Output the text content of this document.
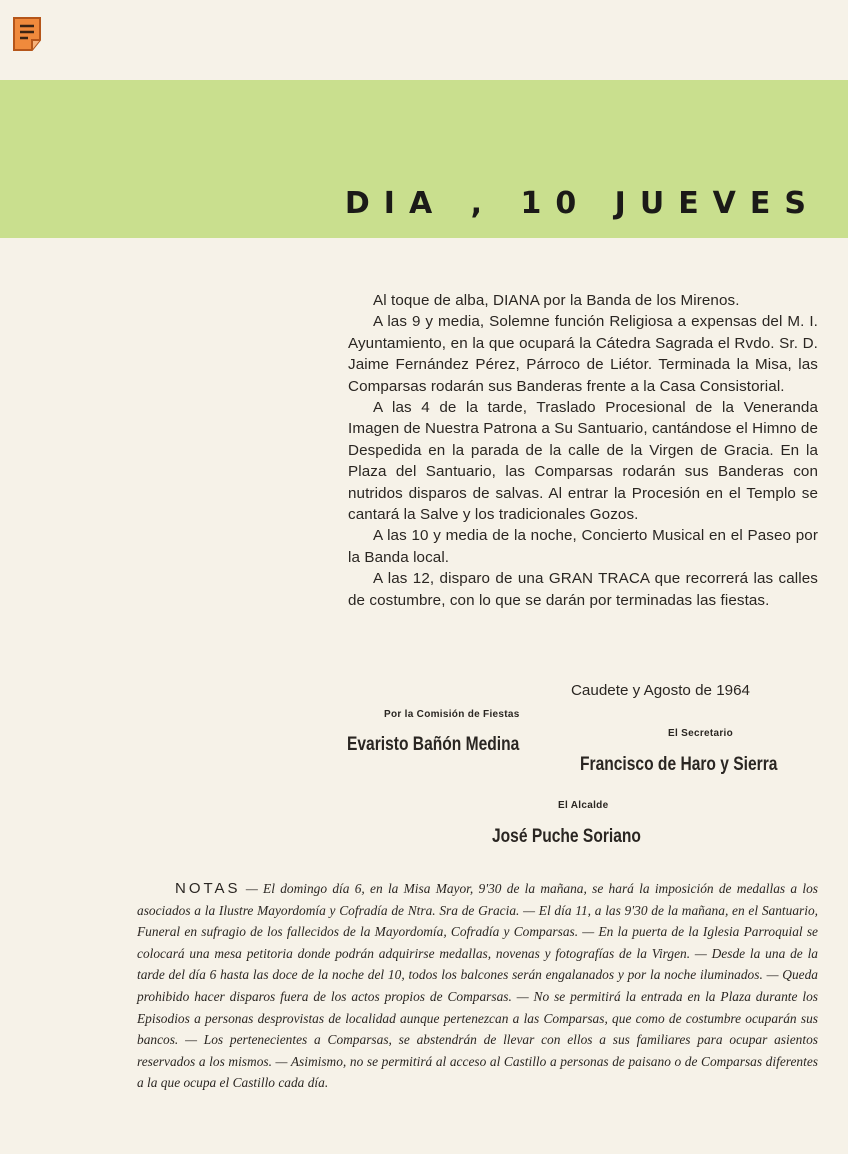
DIA , 10 JUEVES

Al toque de alba, DIANA por la Banda de los Mirenos.

A las 9 y media, Solemne función Religiosa a expensas del M. I. Ayuntamiento, en la que ocupará la Cátedra Sagrada el Rvdo. Sr. D. Jaime Fernández Pérez, Párroco de Liétor. Terminada la Misa, las Comparsas rodarán sus Banderas frente a la Casa Consistorial.

A las 4 de la tarde, Traslado Procesional de la Veneranda Imagen de Nuestra Patrona a Su Santuario, cantándose el Himno de Despedida en la parada de la calle de la Virgen de Gracia. En la Plaza del Santuario, las Comparsas rodarán sus Banderas con nutridos disparos de salvas. Al entrar la Procesión en el Templo se cantará la Salve y los tradicionales Gozos.

A las 10 y media de la noche, Concierto Musical en el Paseo por la Banda local.

A las 12, disparo de una GRAN TRACA que recorrerá las calles de costumbre, con lo que se darán por terminadas las fiestas.

Caudete y Agosto de 1964
Por la Comisión de Fiestas
Evaristo Bañón Medina
El Secretario
Francisco de Haro y Sierra
El Alcalde
José Puche Soriano
NOTAS — El domingo día 6, en la Misa Mayor, 9'30 de la mañana, se hará la imposición de medallas a los asociados a la Ilustre Mayordomía y Cofradía de Ntra. Sra de Gracia. — El día 11, a las 9'30 de la mañana, en el Santuario, Funeral en sufragio de los fallecidos de la Mayordomía, Cofradía y Comparsas. — En la puerta de la Iglesia Parroquial se colocará una mesa petitoria donde podrán adquirirse medallas, novenas y fotografías de la Virgen. — Desde la una de la tarde del día 6 hasta las doce de la noche del 10, todos los balcones serán engalanados y por la noche iluminados. — Queda prohibido hacer disparos fuera de los actos propios de Comparsas. — No se permitirá la entrada en la Plaza durante los Episodios a personas desprovistas de localidad aunque pertenezcan a las Comparsas, que como de costumbre ocuparán sus bancos. — Los pertenecientes a Comparsas, se abstendrán de llevar con ellos a sus familiares para ocupar asientos reservados a los mismos. — Asimismo, no se permitirá al acceso al Castillo a personas de paisano o de Comparsas diferentes a la que ocupa el Castillo cada día.
